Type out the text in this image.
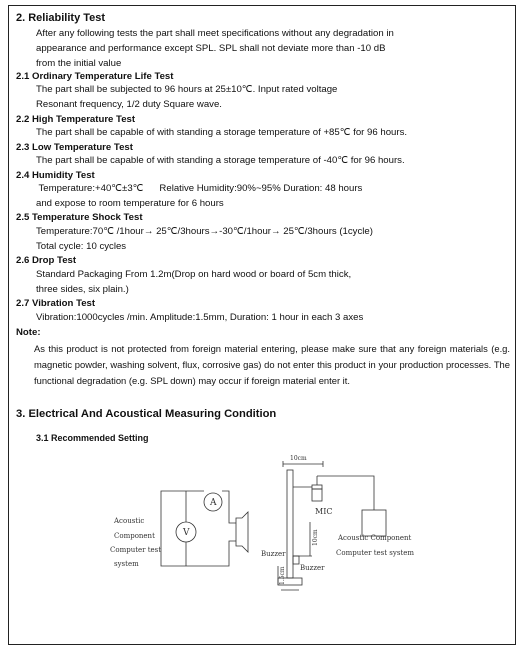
2. Reliability Test
After any following tests the part shall meet specifications without any degradation in
appearance and performance except SPL. SPL shall not deviate more than -10 dB
from the initial value
2.1 Ordinary Temperature Life Test
The part shall be subjected to 96 hours at 25±10℃. Input rated voltage
Resonant frequency, 1/2 duty Square wave.
2.2 High Temperature Test
The part shall be capable of with standing a storage temperature of +85℃ for 96 hours.
2.3 Low Temperature Test
The part shall be capable of with standing a storage temperature of -40℃ for 96 hours.
2.4 Humidity Test
Temperature:+40℃±3℃      Relative Humidity:90%~95% Duration: 48 hours
and expose to room temperature for 6 hours
2.5 Temperature Shock Test
Temperature:70℃ /1hour→ 25℃/3hours→-30℃/1hour→ 25℃/3hours (1cycle)
Total cycle: 10 cycles
2.6 Drop Test
Standard Packaging From 1.2m(Drop on hard wood or board of 5cm thick,
three sides, six plain.)
2.7 Vibration Test
Vibration:1000cycles /min. Amplitude:1.5mm, Duration: 1 hour in each 3 axes
Note:
As this product is not protected from foreign material entering, please make sure that any foreign materials (e.g. magnetic powder, washing solvent, flux, corrosive gas) do not enter this product in your production processes. The functional degradation (e.g. SPL down) may occur if foreign material enter it.
3. Electrical And Acoustical Measuring Condition
3.1 Recommended Setting
A
V
Acoustic
Component
Computer test
system
Buzzer
10cm
MIC
10cm
1.5cm
Acoustic Component
Computer test system
Buzzer
